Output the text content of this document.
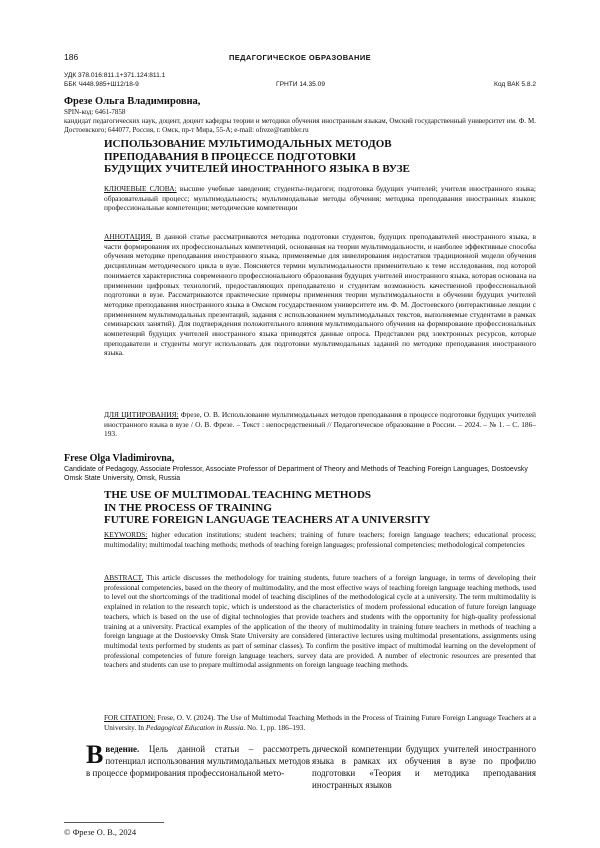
186	ПЕДАГОГИЧЕСКОЕ ОБРАЗОВАНИЕ
УДК 378.016:811.1+371.124:811.1
ББК Ч448.985+Ш12/18-9	ГРНТИ 14.35.09	Код ВАК 5.8.2
Фрезе Ольга Владимировна,
SPIN-код: 6461-7858
кандидат педагогических наук, доцент, доцент кафедры теории и методики обучения иностранным языкам, Омский государственный университет им. Ф. М. Достоевского; 644077, Россия, г. Омск, пр-т Мира, 55-А; e-mail: ofreze@rambler.ru
ИСПОЛЬЗОВАНИЕ МУЛЬТИМОДАЛЬНЫХ МЕТОДОВ
ПРЕПОДАВАНИЯ В ПРОЦЕССЕ ПОДГОТОВКИ
БУДУЩИХ УЧИТЕЛЕЙ ИНОСТРАННОГО ЯЗЫКА В ВУЗЕ
КЛЮЧЕВЫЕ СЛОВА: высшие учебные заведения; студенты-педагоги; подготовка будущих учителей; учителя иностранного языка; образовательный процесс; мультимодальность; мультимодальные методы обучения; методика преподавания иностранных языков; профессиональные компетенции; методические компетенции
АННОТАЦИЯ. В данной статье рассматриваются методика подготовки студентов, будущих преподавателей иностранного языка, в части формирования их профессиональных компетенций, основанная на теории мультимодальности, и наиболее эффективные способы обучения методике преподавания иностранного языка, применяемые для нивелирования недостатков традиционной модели обучения дисциплинам методического цикла в вузе. Поясняется термин мультимодальности применительно к теме исследования, под которой понимается характеристика современного профессионального образования будущих учителей иностранного языка, которая основана на применении цифровых технологий, предоставляющих преподавателю и студентам возможность качественной профессиональной подготовки в вузе. Рассматриваются практические примеры применения теории мультимодальности в обучении будущих учителей методике преподавания иностранного языка в Омском государственном университете им. Ф. М. Достоевского (интерактивные лекции с применением мультимодальных презентаций, задания с использованием мультимодальных текстов, выполняемые студентами в рамках семинарских занятий). Для подтверждения положительного влияния мультимодального обучения на формирование профессиональных компетенций будущих учителей иностранного языка приводятся данные опроса. Представлен ряд электронных ресурсов, которые преподаватели и студенты могут использовать для подготовки мультимодальных заданий по методике преподавания иностранного языка.
ДЛЯ ЦИТИРОВАНИЯ: Фрезе, О. В. Использование мультимодальных методов преподавания в процессе подготовки будущих учителей иностранного языка в вузе / О. В. Фрезе. – Текст : непосредственный // Педагогическое образование в России. – 2024. – № 1. – С. 186–193.
Frese Olga Vladimirovna,
Candidate of Pedagogy, Associate Professor, Associate Professor of Department of Theory and Methods of Teaching Foreign Languages, Dostoevsky Omsk State University, Omsk, Russia
THE USE OF MULTIMODAL TEACHING METHODS
IN THE PROCESS OF TRAINING
FUTURE FOREIGN LANGUAGE TEACHERS AT A UNIVERSITY
KEYWORDS: higher education institutions; student teachers; training of future teachers; foreign language teachers; educational process; multimodality; multimodal teaching methods; methods of teaching foreign languages; professional competencies; methodological competencies
ABSTRACT. This article discusses the methodology for training students, future teachers of a foreign language, in terms of developing their professional competencies, based on the theory of multimodality, and the most effective ways of teaching foreign language teaching methods, used to level out the shortcomings of the traditional model of teaching disciplines of the methodological cycle at a university. The term multimodality is explained in relation to the research topic, which is understood as the characteristics of modern professional education of future foreign language teachers, which is based on the use of digital technologies that provide teachers and students with the opportunity for high-quality professional training at a university. Practical examples of the application of the theory of multimodality in training future teachers in methods of teaching a foreign language at the Dostoevsky Omsk State University are considered (interactive lectures using multimodal presentations, assignments using multimodal texts performed by students as part of seminar classes). To confirm the positive impact of multimodal learning on the development of professional competencies of future foreign language teachers, survey data are provided. A number of electronic resources are presented that teachers and students can use to prepare multimodal assignments on foreign language teaching methods.
FOR CITATION: Frese, O. V. (2024). The Use of Multimodal Teaching Methods in the Process of Training Future Foreign Language Teachers at a University. In Pedagogical Education in Russia. No. 1, pp. 186–193.
Введение. Цель данной статьи – рассмотреть потенциал использования мультимодальных методов в процессе формирования профессиональной мето-
дической компетенции будущих учителей иностранного языка в рамках их обучения в вузе по профилю подготовки «Теория и методика преподавания иностранных языков
© Фрезе О. В., 2024
